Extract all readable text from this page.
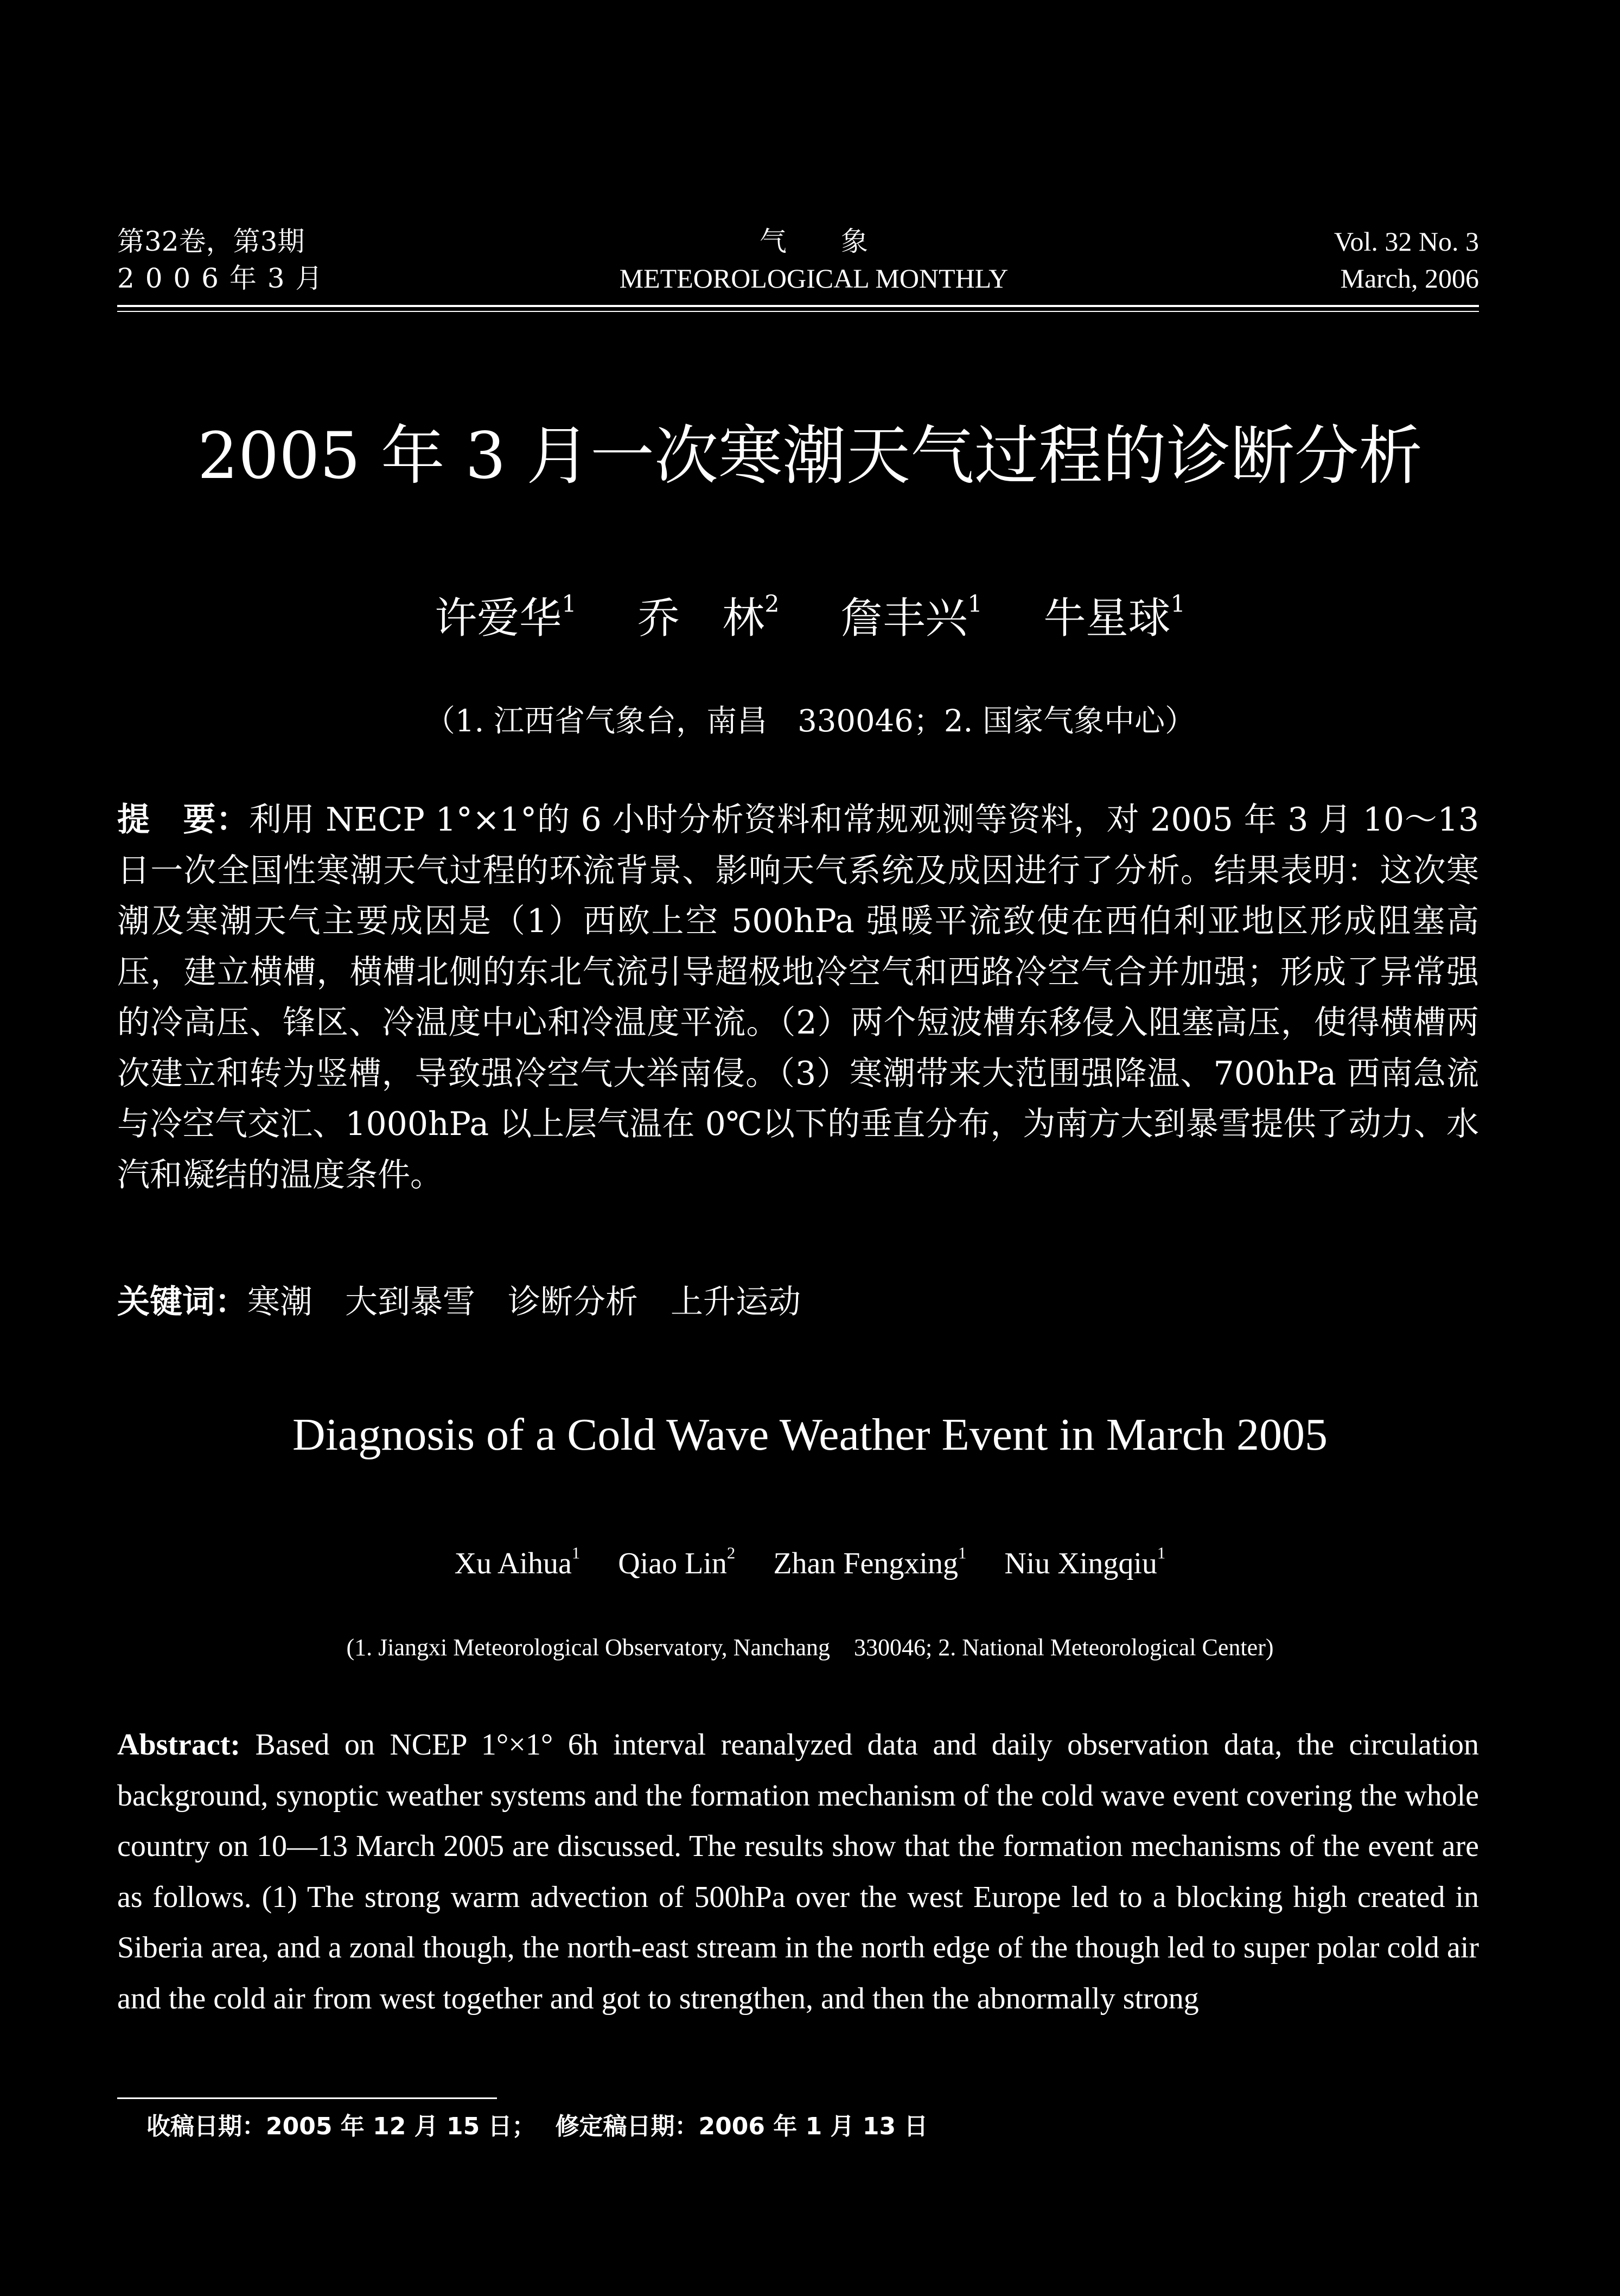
第32卷，第3期
2 0 0 6 年 3 月
气　　象
METEOROLOGICAL MONTHLY
Vol. 32 No. 3
March, 2006
2005 年 3 月一次寒潮天气过程的诊断分析
许爱华$^1$ 乔　林$^2$ 詹丰兴$^1$ 牛星球$^1$
（1. 江西省气象台，南昌　330046；2. 国家气象中心）
提　要：利用 NECP 1°×1°的 6 小时分析资料和常规观测等资料，对 2005 年 3 月 10～13 日一次全国性寒潮天气过程的环流背景、影响天气系统及成因进行了分析。结果表明：这次寒潮及寒潮天气主要成因是（1）西欧上空 500hPa 强暖平流致使在西伯利亚地区形成阻塞高压，建立横槽，横槽北侧的东北气流引导超极地冷空气和西路冷空气合并加强；形成了异常强的冷高压、锋区、冷温度中心和冷温度平流。（2）两个短波槽东移侵入阻塞高压，使得横槽两次建立和转为竖槽，导致强冷空气大举南侵。（3）寒潮带来大范围强降温、700hPa 西南急流与冷空气交汇、1000hPa 以上层气温在 0℃以下的垂直分布，为南方大到暴雪提供了动力、水汽和凝结的温度条件。
关键词：寒潮 大到暴雪 诊断分析 上升运动
Diagnosis of a Cold Wave Weather Event in March 2005
Xu Aihua$^1$ Qiao Lin$^2$ Zhan Fengxing$^1$ Niu Xingqiu$^1$
(1. Jiangxi Meteorological Observatory, Nanchang　330046; 2. National Meteorological Center)
Abstract: Based on NCEP 1°×1° 6h interval reanalyzed data and daily observation data, the circulation background, synoptic weather systems and the formation mechanism of the cold wave event covering the whole country on 10—13 March 2005 are discussed. The results show that the formation mechanisms of the event are as follows. (1) The strong warm advection of 500hPa over the west Europe led to a blocking high created in Siberia area, and a zonal though, the north-east stream in the north edge of the though led to super polar cold air and the cold air from west together and got to strengthen, and then the abnormally strong
收稿日期：2005 年 12 月 15 日； 修定稿日期：2006 年 1 月 13 日
